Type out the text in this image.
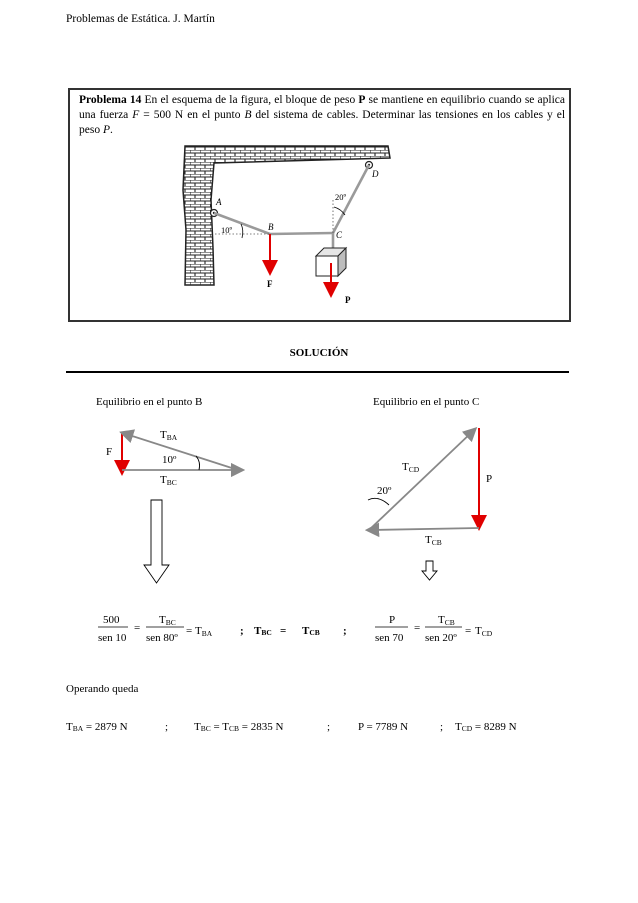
Problemas de Estática. J. Martín
Problema 14 En el esquema de la figura, el bloque de peso P se mantiene en equilibrio cuando se aplica una fuerza F = 500 N en el punto B del sistema de cables. Determinar las tensiones en los cables y el peso P.
A
B
C
D
10º
20º
F
P
F
TBA
10º
TBC
TCD
P
20º
TCB
500
sen 10
=
TBC
sen 80º
= TBA	; TBC = TCB ;
P
sen 70
=
TCB
sen 20º
= TCD
TBA = 2879 N	; TBC = TCB = 2835 N	;	P = 7789 N	; TCD = 8289 N
SOLUCIÓN
Equilibrio en el punto B	Equilibrio en el punto C
Operando queda
